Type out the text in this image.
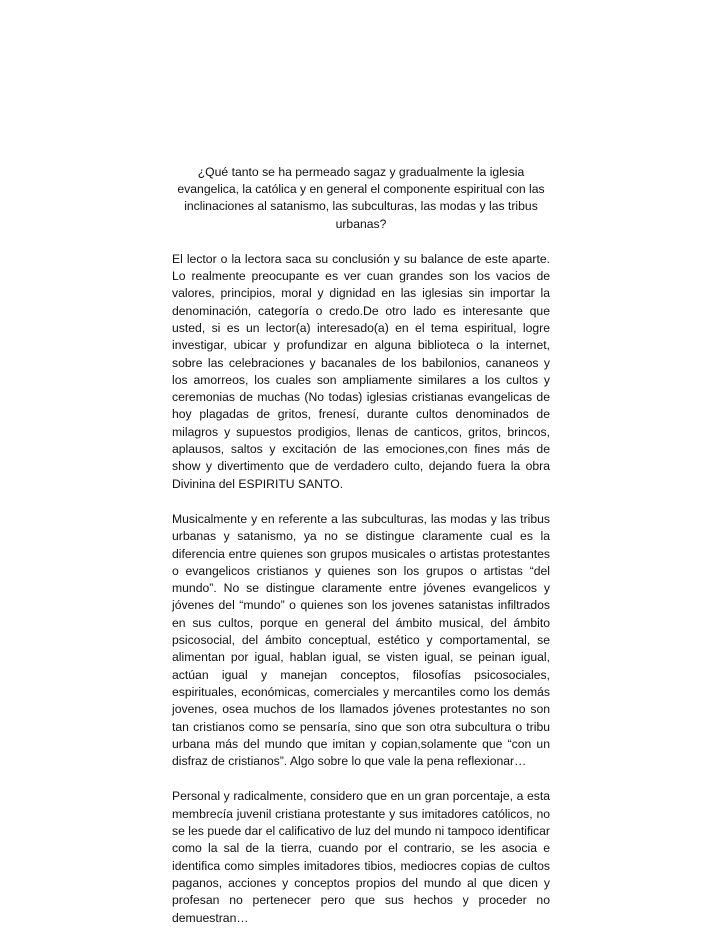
¿Qué tanto se ha permeado sagaz y gradualmente la iglesia evangelica, la católica y en general el componente espiritual con las inclinaciones al satanismo, las subculturas, las modas y las tribus urbanas?

El lector o la lectora saca su conclusión y su balance de este aparte. Lo realmente preocupante es ver cuan grandes son los vacios de valores, principios, moral y dignidad en las iglesias sin importar la denominación, categoría o credo.De otro lado es interesante que usted, si es un lector(a) interesado(a) en el tema espiritual, logre investigar, ubicar y profundizar en alguna biblioteca o la internet, sobre las celebraciones y bacanales de los babilonios, cananeos y los amorreos, los cuales son ampliamente similares a los cultos y ceremonias de muchas (No todas) iglesias cristianas evangelicas de hoy plagadas de gritos, frenesí, durante cultos denominados de milagros y supuestos prodigios, llenas de canticos, gritos, brincos, aplausos, saltos y excitación de las emociones,con fines más de show y divertimento que de verdadero culto, dejando fuera la obra Divinina del ESPIRITU SANTO.

Musicalmente y en referente a las subculturas, las modas y las tribus urbanas y satanismo, ya no se distingue claramente cual es la diferencia entre quienes son grupos musicales o artistas protestantes o evangelicos cristianos y quienes son los grupos o artistas “del mundo”. No se distingue claramente entre jóvenes evangelicos y jóvenes del “mundo” o quienes son los jovenes satanistas infiltrados en sus cultos, porque en general del ámbito musical, del ámbito psicosocial, del ámbito conceptual, estético y comportamental, se alimentan por igual, hablan igual, se visten igual, se peinan igual, actúan igual y manejan conceptos, filosofías psicosociales, espirituales, económicas, comerciales y mercantiles como los demás jovenes, osea muchos de los llamados jóvenes protestantes no son tan cristianos como se pensaría, sino que son otra subcultura o tribu urbana más del mundo que imitan y copian,solamente que “con un disfraz de cristianos”. Algo sobre lo que vale la pena reflexionar…

Personal y radicalmente, considero que en un gran porcentaje, a esta membrecía juvenil cristiana protestante y sus imitadores católicos, no se les puede dar el calificativo de luz del mundo ni tampoco identificar como la sal de la tierra, cuando por el contrario, se les asocia e identifica como simples imitadores tibios, mediocres copias de cultos paganos, acciones y conceptos propios del mundo al que dicen y profesan no pertenecer pero que sus hechos y proceder no demuestran…
